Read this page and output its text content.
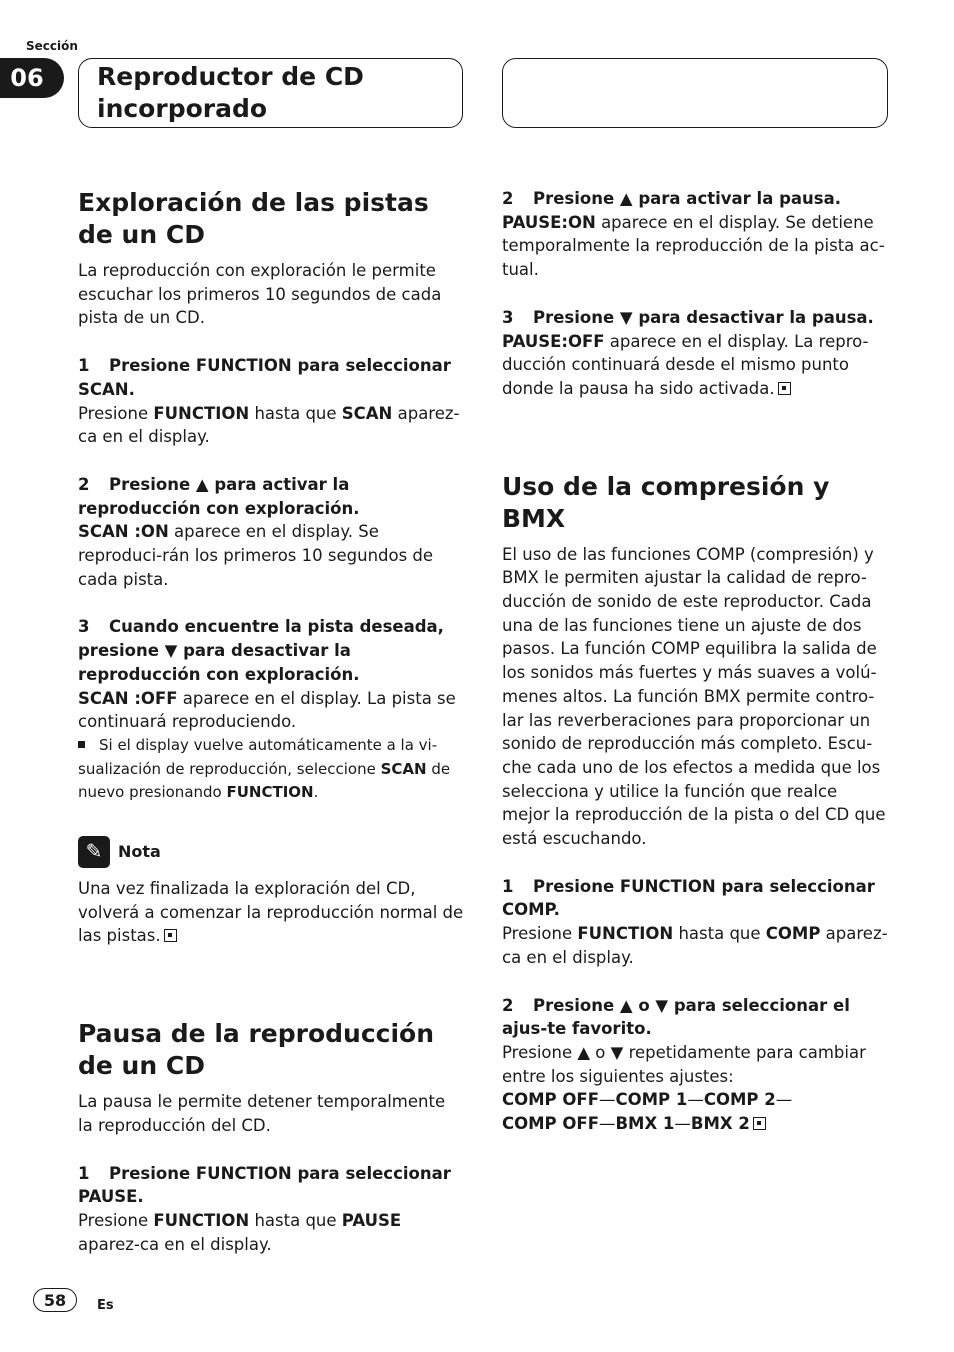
Sección
06	Reproductor de CD
incorporado
Exploración de las pistas de un CD

La reproducción con exploración le permite escuchar los primeros 10 segundos de cada pista de un CD.

1 Presione FUNCTION para seleccionar SCAN.

Presione FUNCTION hasta que SCAN aparez-ca en el display.

2 Presione ▲ para activar la reproducción con exploración.

SCAN :ON aparece en el display. Se reproduci-rán los primeros 10 segundos de cada pista.

3 Cuando encuentre la pista deseada, presione ▼ para desactivar la reproducción con exploración.

SCAN :OFF aparece en el display. La pista se continuará reproduciendo.

Si el display vuelve automáticamente a la vi-sualización de reproducción, seleccione SCAN de nuevo presionando FUNCTION.

✎ Nota

Una vez finalizada la exploración del CD, volverá a comenzar la reproducción normal de las pistas.

Pausa de la reproducción de un CD

La pausa le permite detener temporalmente la reproducción del CD.

1 Presione FUNCTION para seleccionar PAUSE.

Presione FUNCTION hasta que PAUSE aparez-ca en el display.

2 Presione ▲ para activar la pausa.

PAUSE:ON aparece en el display. Se detiene temporalmente la reproducción de la pista ac-tual.

3 Presione ▼ para desactivar la pausa.

PAUSE:OFF aparece en el display. La repro-ducción continuará desde el mismo punto donde la pausa ha sido activada.

Uso de la compresión y BMX

El uso de las funciones COMP (compresión) y BMX le permiten ajustar la calidad de repro-ducción de sonido de este reproductor. Cada una de las funciones tiene un ajuste de dos pasos. La función COMP equilibra la salida de los sonidos más fuertes y más suaves a volú-menes altos. La función BMX permite contro-lar las reverberaciones para proporcionar un sonido de reproducción más completo. Escu-che cada uno de los efectos a medida que los selecciona y utilice la función que realce mejor la reproducción de la pista o del CD que está escuchando.

1 Presione FUNCTION para seleccionar COMP.

Presione FUNCTION hasta que COMP aparez-ca en el display.

2 Presione ▲ o ▼ para seleccionar el ajus-te favorito.

Presione ▲ o ▼ repetidamente para cambiar entre los siguientes ajustes:

COMP OFF—COMP 1—COMP 2—

COMP OFF—BMX 1—BMX 2

58	Es
